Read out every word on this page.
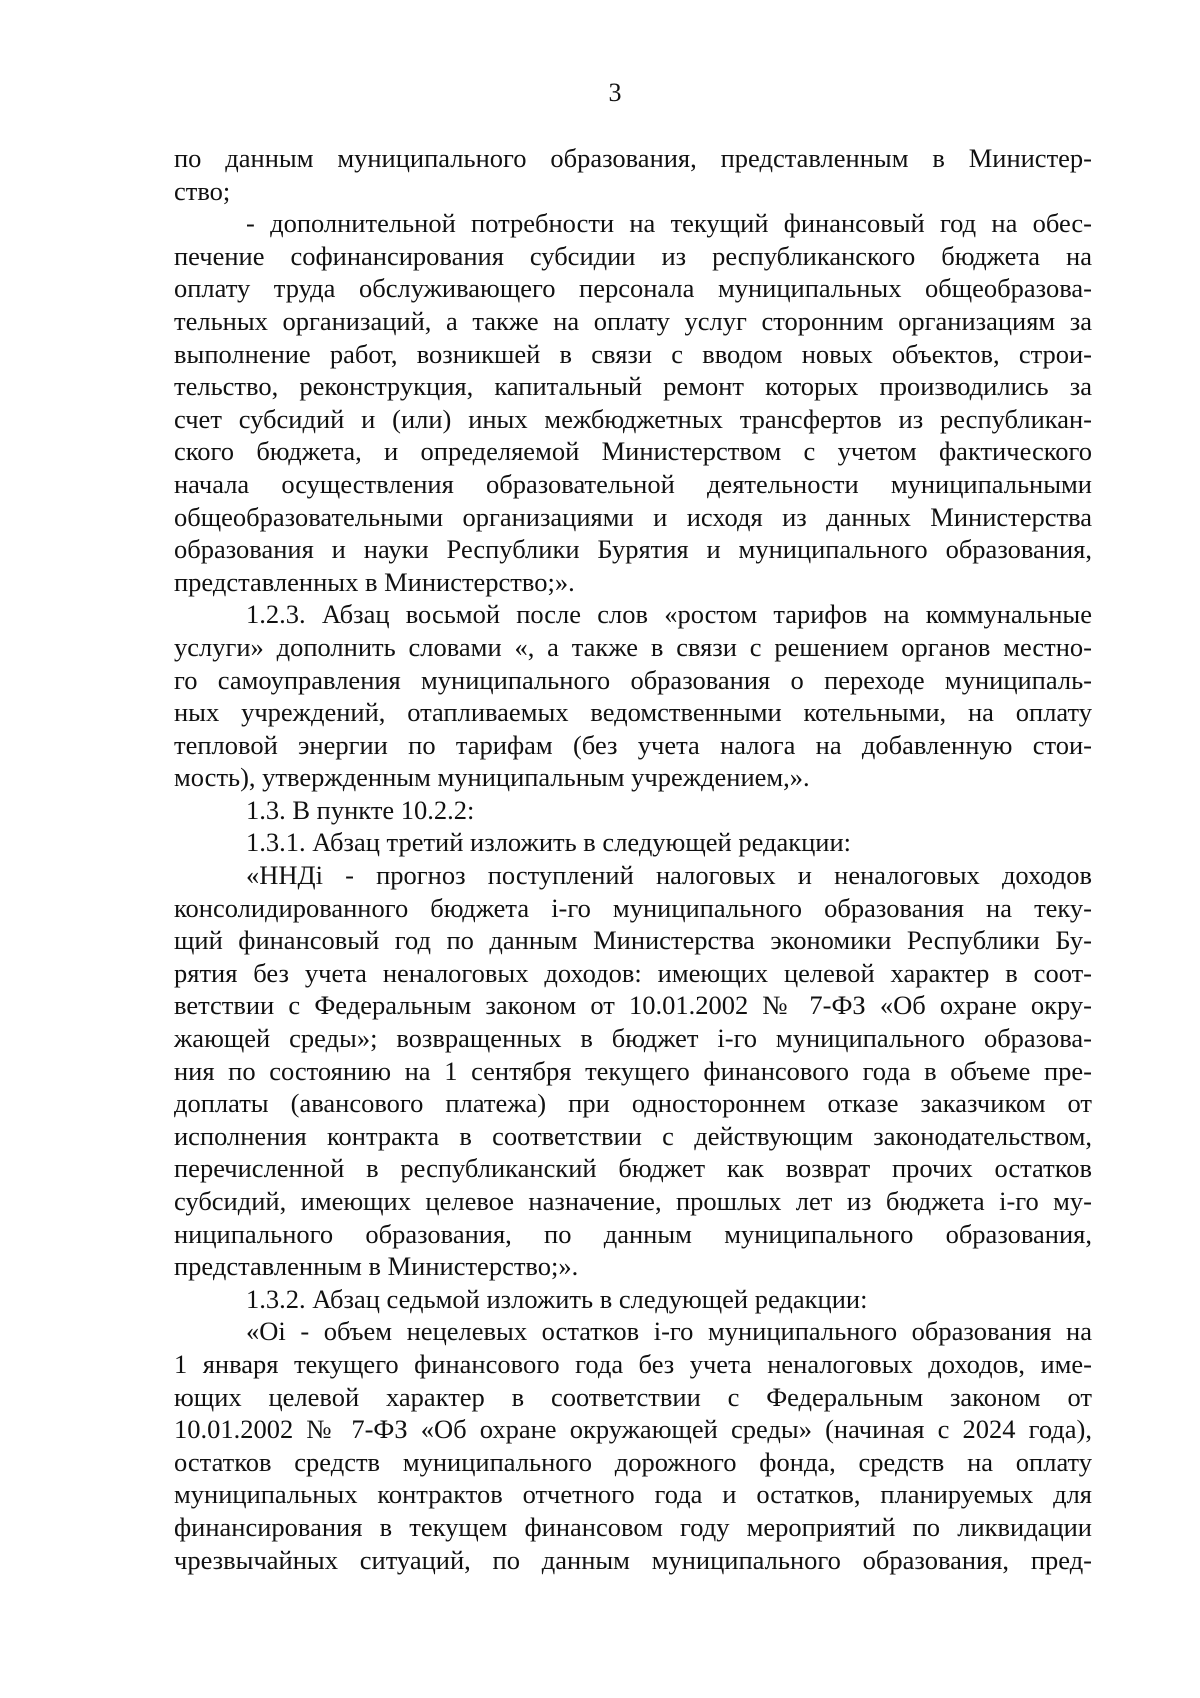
3
по данным муниципального образования, представленным в Министер-
ство;
- дополнительной потребности на текущий финансовый год на обес-
печение софинансирования субсидии из республиканского бюджета на
оплату труда обслуживающего персонала муниципальных общеобразова-
тельных организаций, а также на оплату услуг сторонним организациям за
выполнение работ, возникшей в связи с вводом новых объектов, строи-
тельство, реконструкция, капитальный ремонт которых производились за
счет субсидий и (или) иных межбюджетных трансфертов из республикан-
ского бюджета, и определяемой Министерством с учетом фактического
начала осуществления образовательной деятельности муниципальными
общеобразовательными организациями и исходя из данных Министерства
образования и науки Республики Бурятия и муниципального образования,
представленных в Министерство;».
1.2.3. Абзац восьмой после слов «ростом тарифов на коммунальные
услуги» дополнить словами «, а также в связи с решением органов местно-
го самоуправления муниципального образования о переходе муниципаль-
ных учреждений, отапливаемых ведомственными котельными, на оплату
тепловой энергии по тарифам (без учета налога на добавленную стои-
мость), утвержденным муниципальным учреждением,».
1.3. В пункте 10.2.2:
1.3.1. Абзац третий изложить в следующей редакции:
«ННДi - прогноз поступлений налоговых и неналоговых доходов
консолидированного бюджета i-го муниципального образования на теку-
щий финансовый год по данным Министерства экономики Республики Бу-
рятия без учета неналоговых доходов: имеющих целевой характер в соот-
ветствии с Федеральным законом от 10.01.2002 № 7-ФЗ «Об охране окру-
жающей среды»; возвращенных в бюджет i-го муниципального образова-
ния по состоянию на 1 сентября текущего финансового года в объеме пре-
доплаты (авансового платежа) при одностороннем отказе заказчиком от
исполнения контракта в соответствии с действующим законодательством,
перечисленной в республиканский бюджет как возврат прочих остатков
субсидий, имеющих целевое назначение, прошлых лет из бюджета i-го му-
ниципального образования, по данным муниципального образования,
представленным в Министерство;».
1.3.2. Абзац седьмой изложить в следующей редакции:
«Оi - объем нецелевых остатков i-го муниципального образования на
1 января текущего финансового года без учета неналоговых доходов, име-
ющих целевой характер в соответствии с Федеральным законом от
10.01.2002 № 7-ФЗ «Об охране окружающей среды» (начиная с 2024 года),
остатков средств муниципального дорожного фонда, средств на оплату
муниципальных контрактов отчетного года и остатков, планируемых для
финансирования в текущем финансовом году мероприятий по ликвидации
чрезвычайных ситуаций, по данным муниципального образования, пред-
